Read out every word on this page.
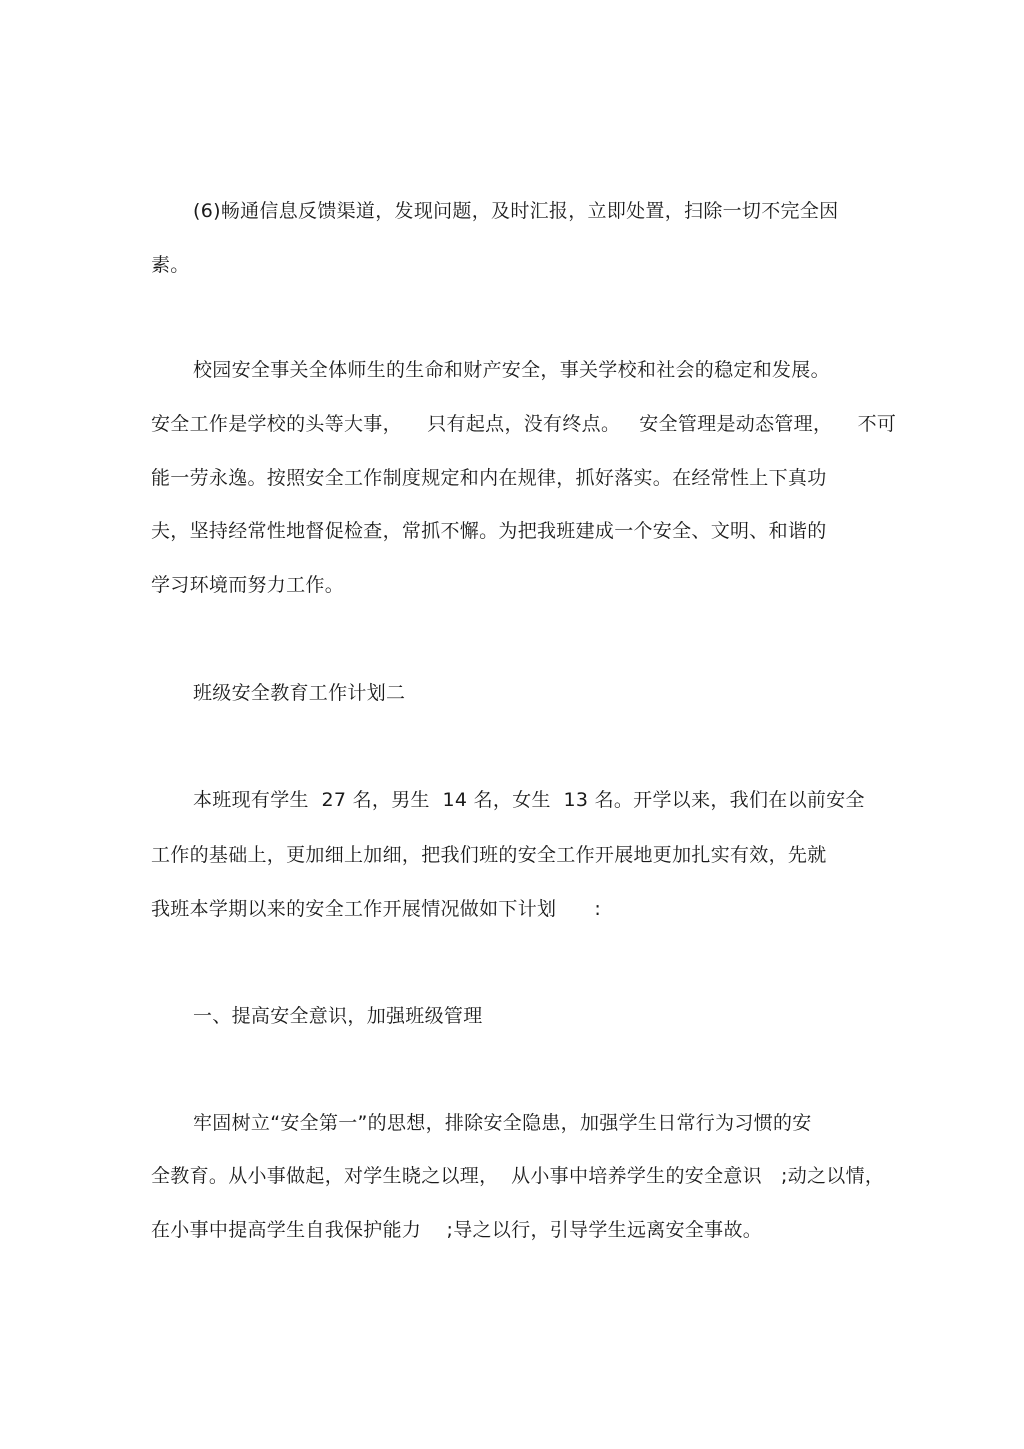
(6)畅通信息反馈渠道，发现问题，及时汇报，立即处置，扫除一切不完全因
素。
校园安全事关全体师生的生命和财产安全，事关学校和社会的稳定和发展。
安全工作是学校的头等大事，    只有起点，没有终点。   安全管理是动态管理，    不可
能一劳永逸。按照安全工作制度规定和内在规律，抓好落实。在经常性上下真功
夫，坚持经常性地督促检查，常抓不懈。为把我班建成一个安全、文明、和谐的
学习环境而努力工作。
班级安全教育工作计划二
本班现有学生  27 名，男生  14 名，女生  13 名。开学以来，我们在以前安全
工作的基础上，更加细上加细，把我们班的安全工作开展地更加扎实有效，先就
我班本学期以来的安全工作开展情况做如下计划      :
一、提高安全意识，加强班级管理
牢固树立“安全第一”的思想，排除安全隐患，加强学生日常行为习惯的安
全教育。从小事做起，对学生晓之以理，  从小事中培养学生的安全意识   ;动之以情，
在小事中提高学生自我保护能力    ;导之以行，引导学生远离安全事故。
